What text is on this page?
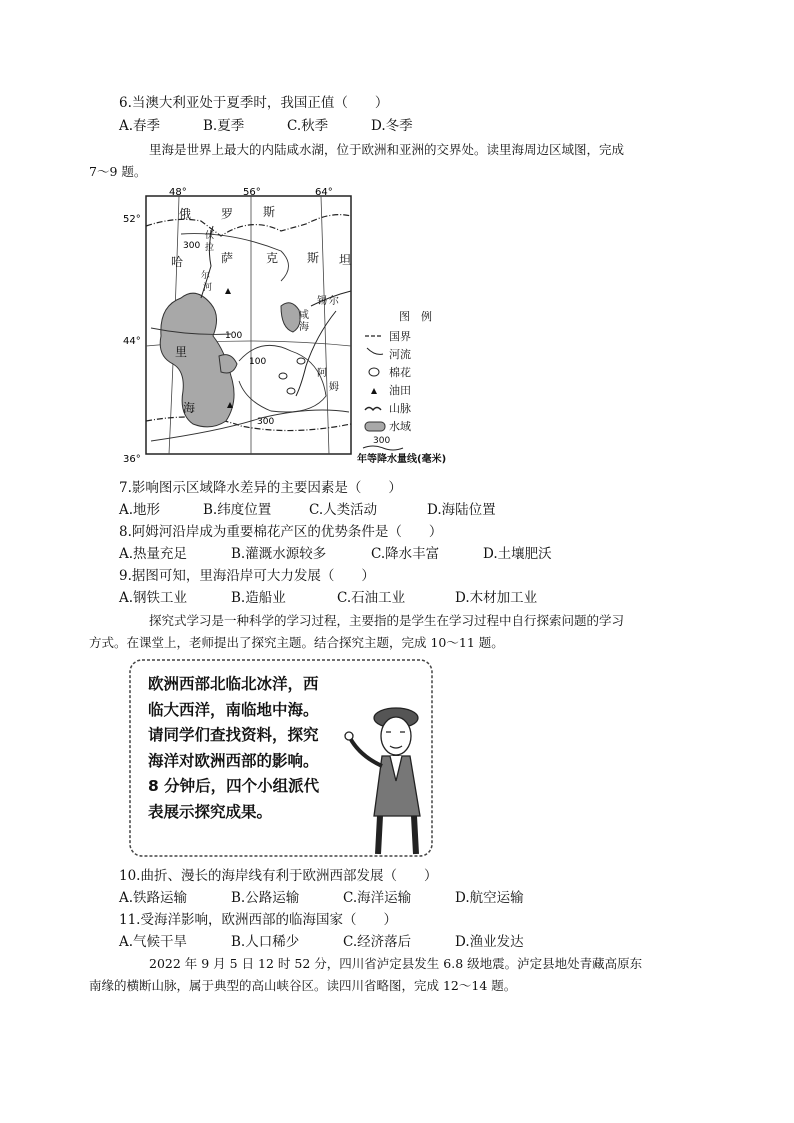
6.当澳大利亚处于夏季时，我国正值（　　）
A.春季	B.夏季	C.秋季	D.冬季
里海是世界上最大的内陆咸水湖，位于欧洲和亚洲的交界处。读里海周边区域图，完成
7～9 题。
48°	56°	64°
52°
44°
36°
300
100
100
300
俄 罗 斯
哈	萨	克 斯 坦
伏
拉
尔
河
里
海
咸
海
锡 尔
阿
姆
图　例
国界
河流
棉花
油田
山脉
水域
300
年等降水量线(毫米)
7.影响图示区域降水差异的主要因素是（　　）
A.地形	B.纬度位置	C.人类活动	D.海陆位置
8.阿姆河沿岸成为重要棉花产区的优势条件是（　　）
A.热量充足	B.灌溉水源较多	C.降水丰富	D.土壤肥沃
9.据图可知，里海沿岸可大力发展（　　）
A.钢铁工业	B.造船业	C.石油工业	D.木材加工业
探究式学习是一种科学的学习过程，主要指的是学生在学习过程中自行探索问题的学习
方式。在课堂上，老师提出了探究主题。结合探究主题，完成 10～11 题。
欧洲西部北临北冰洋，西
临大西洋，南临地中海。
请同学们查找资料，探究
海洋对欧洲西部的影响。
8 分钟后，四个小组派代
表展示探究成果。
10.曲折、漫长的海岸线有利于欧洲西部发展（　　）
A.铁路运输	B.公路运输	C.海洋运输	D.航空运输
11.受海洋影响，欧洲西部的临海国家（　　）
A.气候干旱	B.人口稀少	C.经济落后	D.渔业发达
2022 年 9 月 5 日 12 时 52 分，四川省泸定县发生 6.8 级地震。泸定县地处青藏高原东
南缘的横断山脉，属于典型的高山峡谷区。读四川省略图，完成 12～14 题。
